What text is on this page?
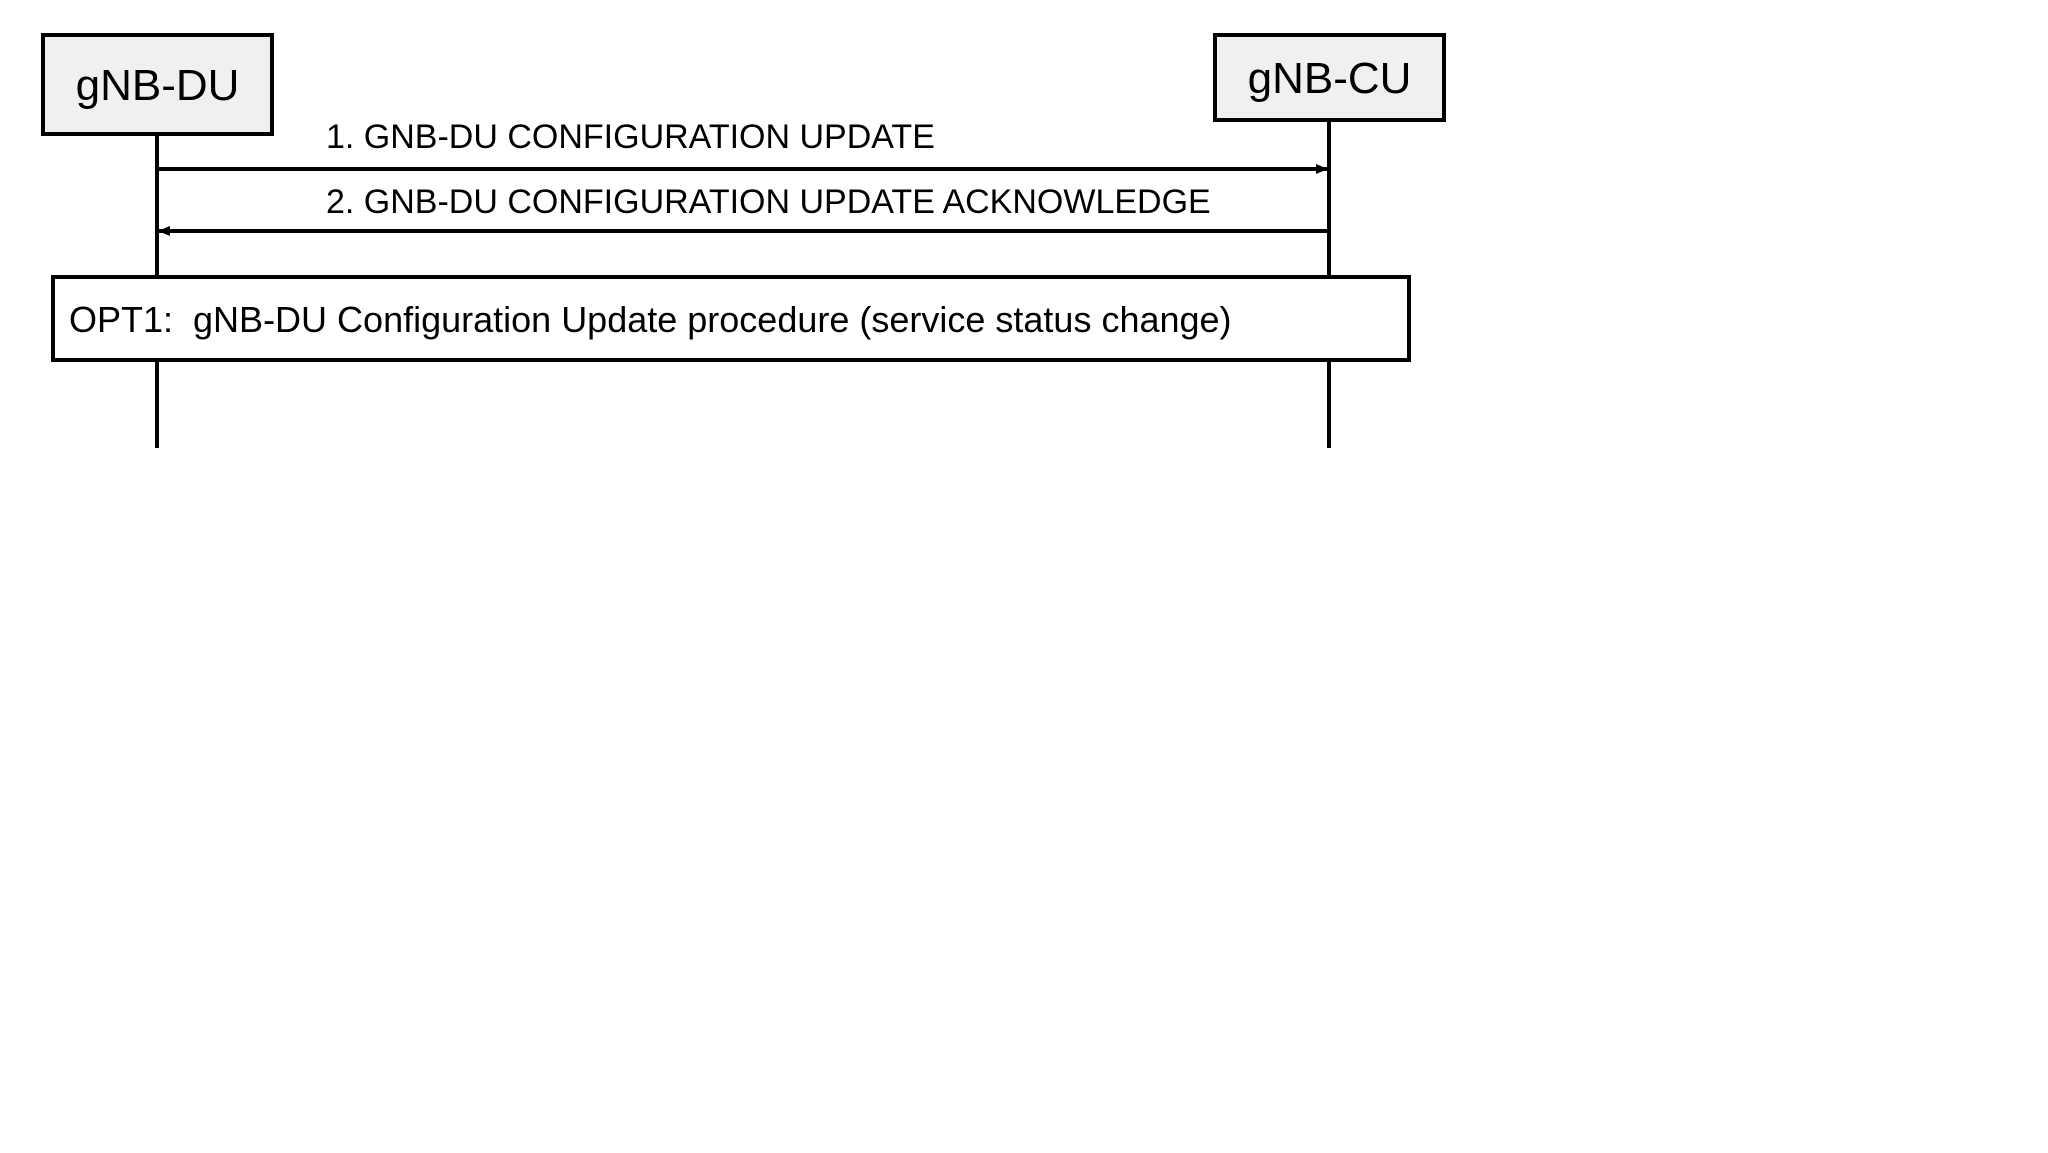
gNB-DU	gNB-CU
1. GNB-DU CONFIGURATION UPDATE
2. GNB-DU CONFIGURATION UPDATE ACKNOWLEDGE
OPT1:  gNB-DU Configuration Update procedure (service status change)
